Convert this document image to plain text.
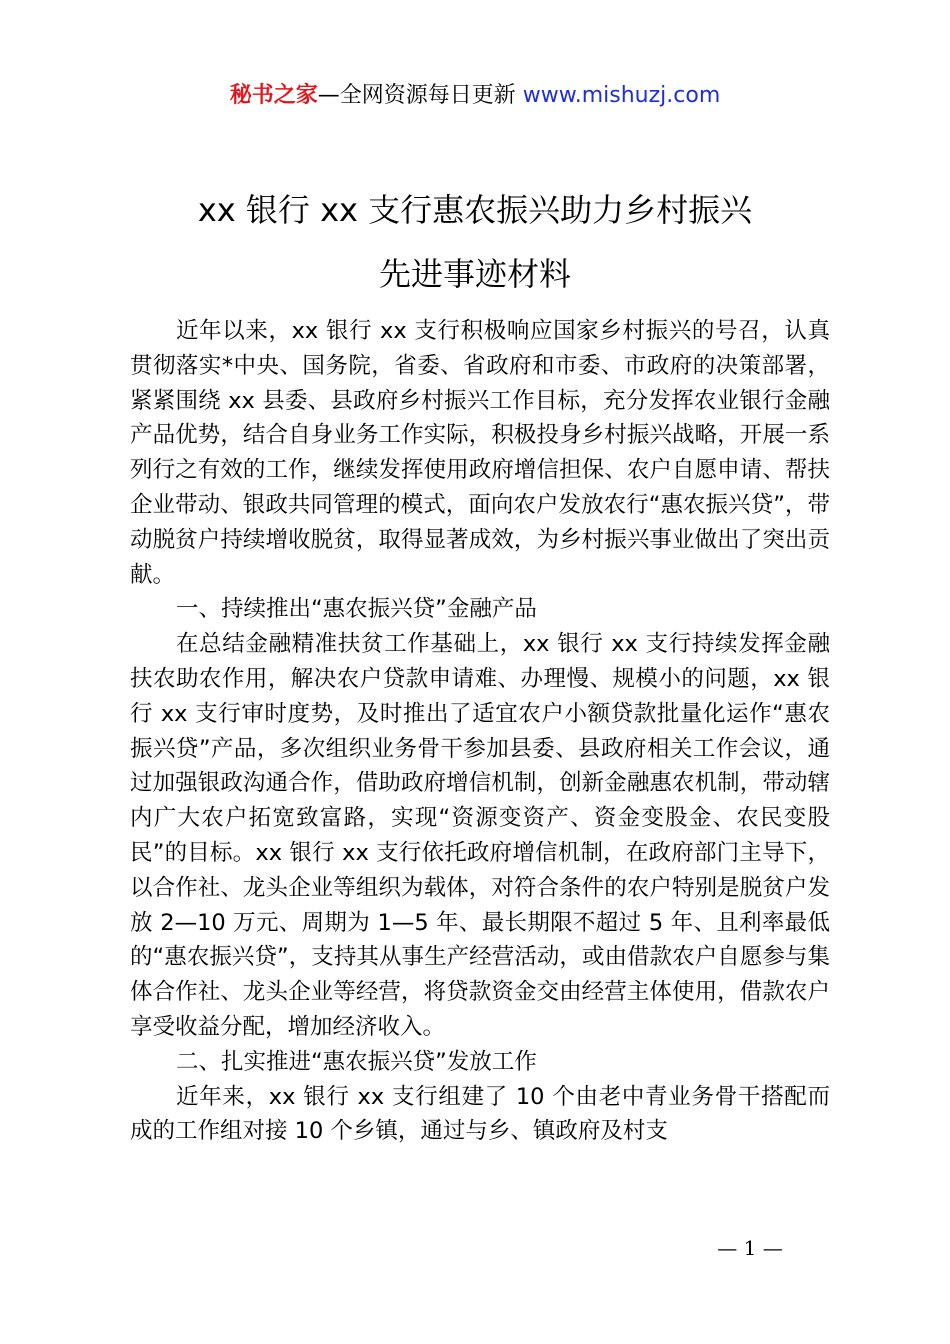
秘书之家—全网资源每日更新 www.mishuzj.com
xx 银行 xx 支行惠农振兴助力乡村振兴
先进事迹材料

近年以来，xx 银行 xx 支行积极响应国家乡村振兴的号召，认真贯彻落实*中央、国务院，省委、省政府和市委、市政府的决策部署，紧紧围绕 xx 县委、县政府乡村振兴工作目标，充分发挥农业银行金融产品优势，结合自身业务工作实际，积极投身乡村振兴战略，开展一系列行之有效的工作，继续发挥使用政府增信担保、农户自愿申请、帮扶企业带动、银政共同管理的模式，面向农户发放农行“惠农振兴贷”，带动脱贫户持续增收脱贫，取得显著成效，为乡村振兴事业做出了突出贡献。

一、持续推出“惠农振兴贷”金融产品

在总结金融精准扶贫工作基础上，xx 银行 xx 支行持续发挥金融扶农助农作用，解决农户贷款申请难、办理慢、规模小的问题，xx 银行 xx 支行审时度势，及时推出了适宜农户小额贷款批量化运作“惠农振兴贷”产品，多次组织业务骨干参加县委、县政府相关工作会议，通过加强银政沟通合作，借助政府增信机制，创新金融惠农机制，带动辖内广大农户拓宽致富路，实现“资源变资产、资金变股金、农民变股民”的目标。xx 银行 xx 支行依托政府增信机制，在政府部门主导下，以合作社、龙头企业等组织为载体，对符合条件的农户特别是脱贫户发放 2—10 万元、周期为 1—5 年、最长期限不超过 5 年、且利率最低的“惠农振兴贷”，支持其从事生产经营活动，或由借款农户自愿参与集体合作社、龙头企业等经营，将贷款资金交由经营主体使用，借款农户享受收益分配，增加经济收入。

二、扎实推进“惠农振兴贷”发放工作

近年来，xx 银行 xx 支行组建了 10 个由老中青业务骨干搭配而成的工作组对接 10 个乡镇，通过与乡、镇政府及村支

— 1 —
